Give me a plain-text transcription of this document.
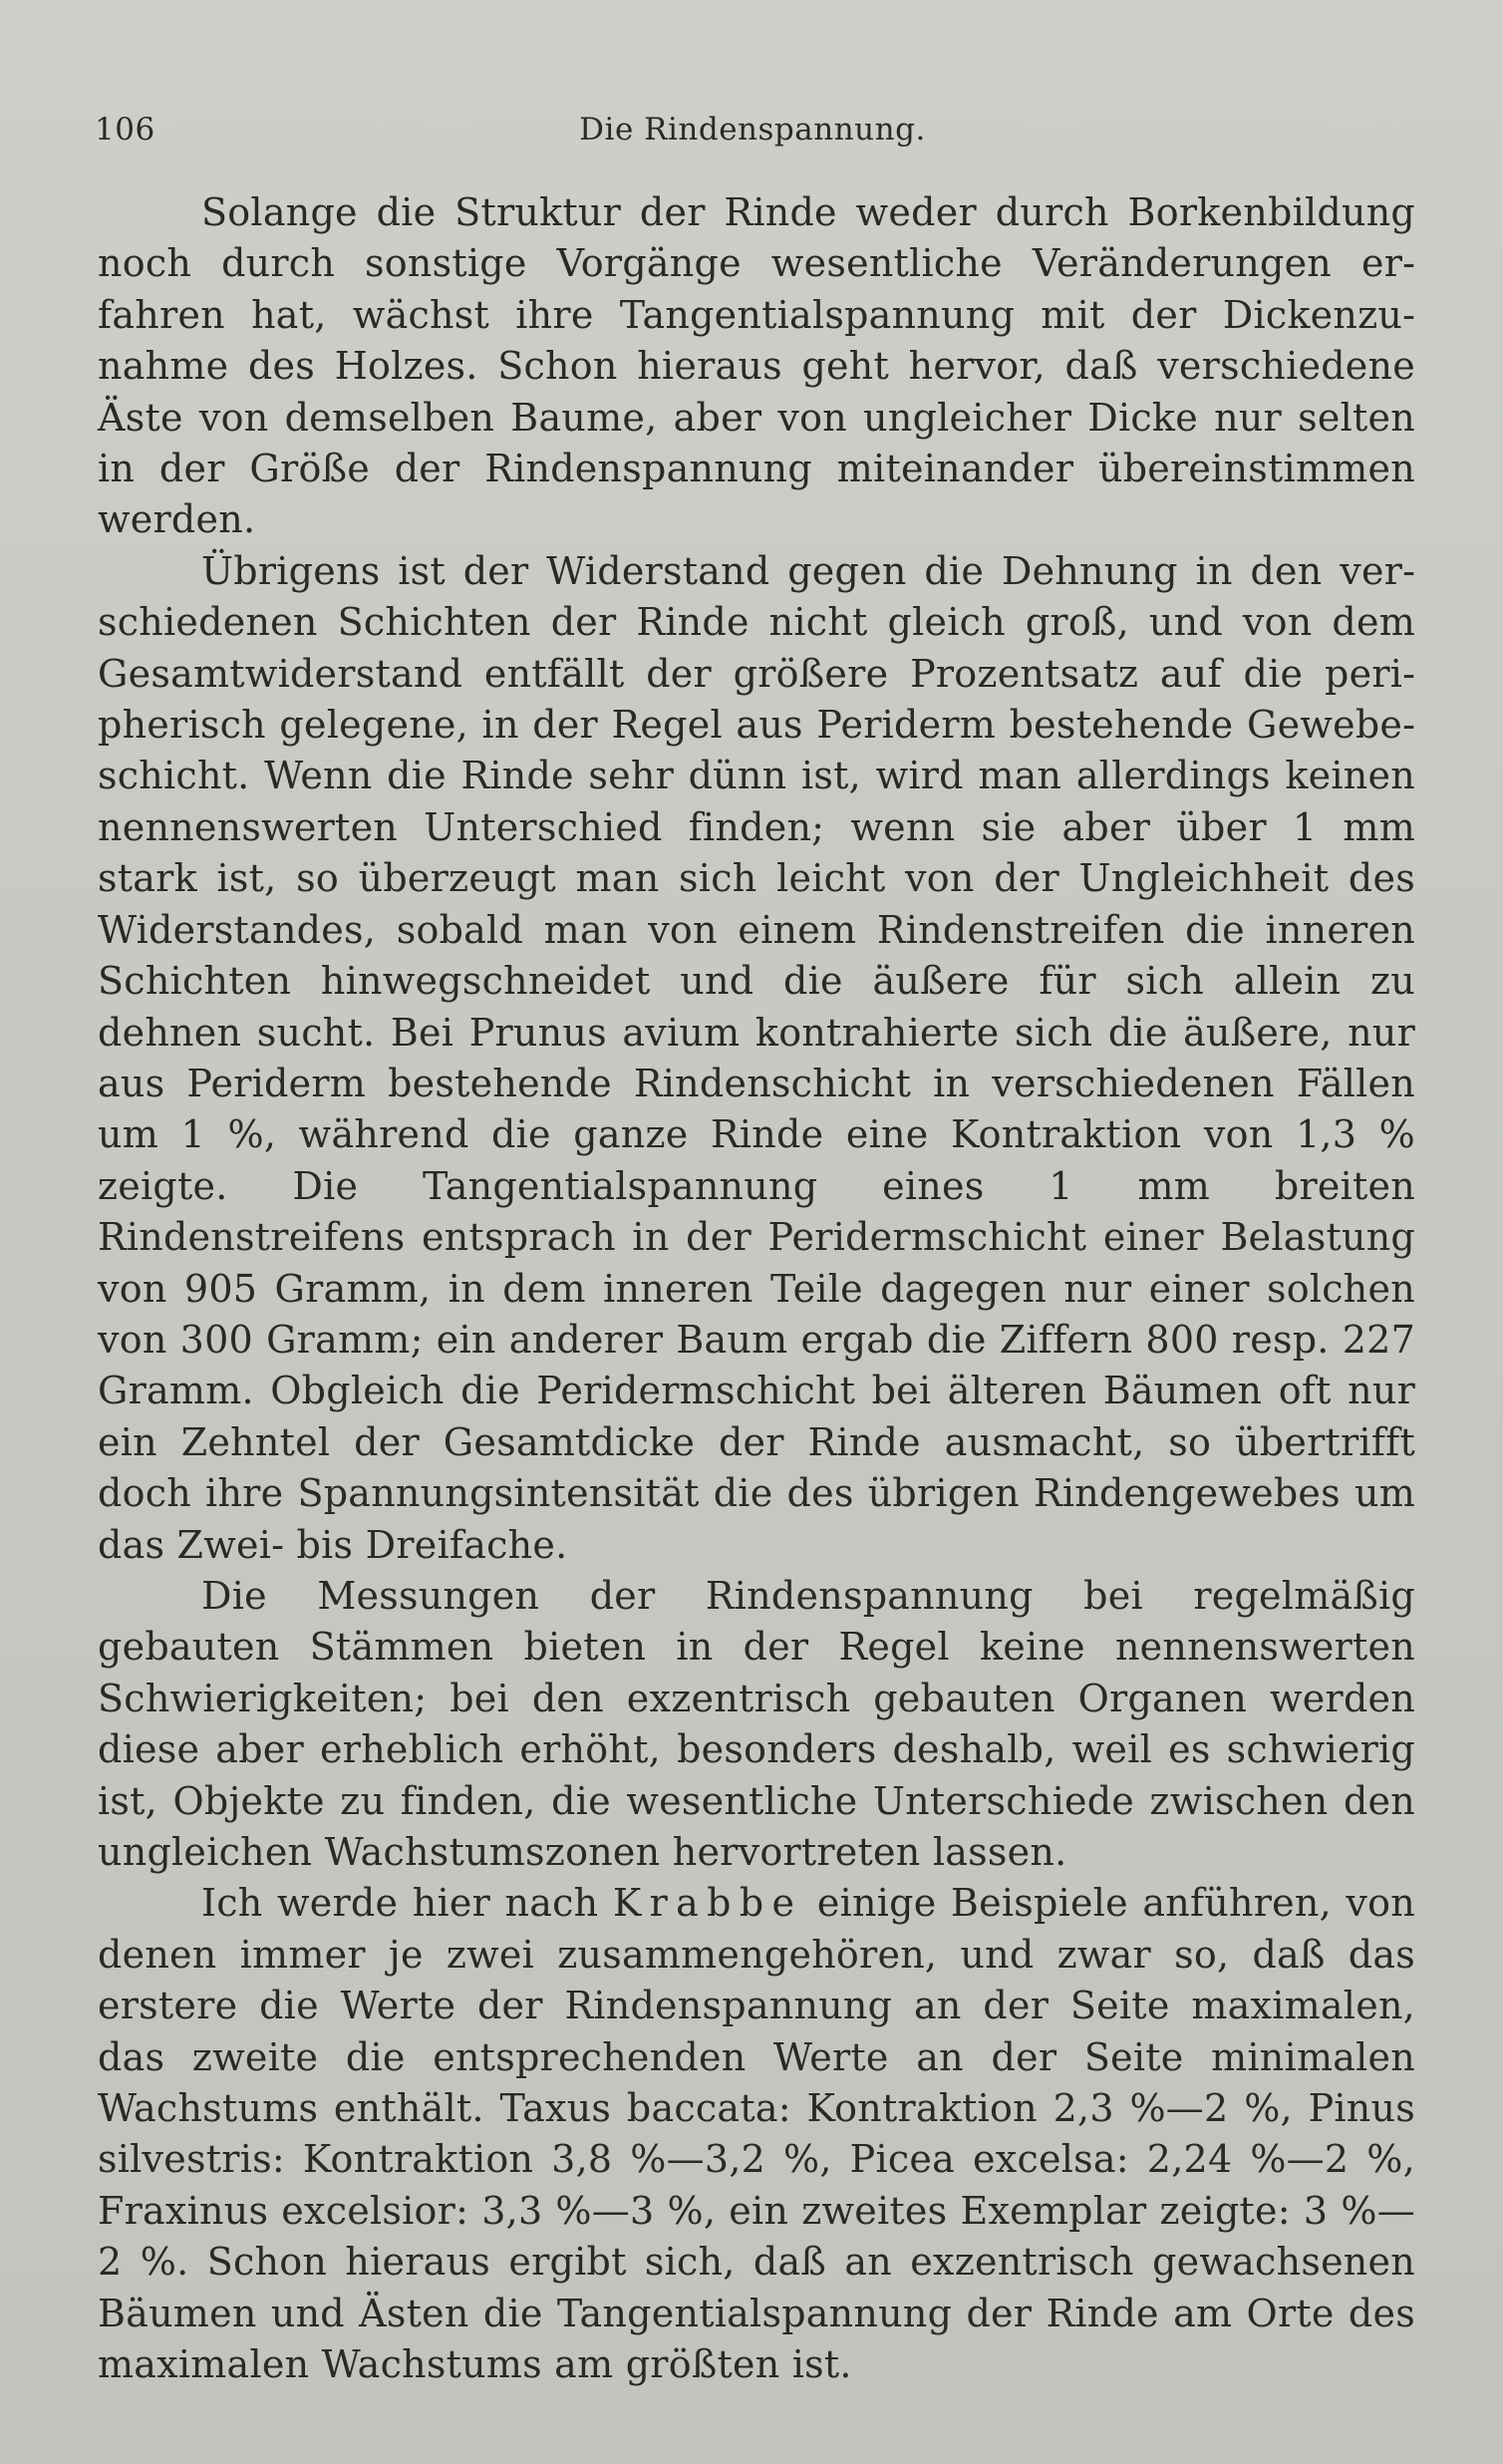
106	Die Rindenspannung.

Solange die Struktur der Rinde weder durch Borkenbildung noch durch sonstige Vorgänge wesentliche Veränderungen erfahren hat, wächst ihre Tangentialspannung mit der Dickenzunahme des Holzes. Schon hieraus geht hervor, daß verschiedene Äste von demselben Baume, aber von ungleicher Dicke nur selten in der Größe der Rindenspannung miteinander übereinstimmen werden.

Übrigens ist der Widerstand gegen die Dehnung in den verschiedenen Schichten der Rinde nicht gleich groß, und von dem Gesamtwiderstand entfällt der größere Prozentsatz auf die peripherisch gelegene, in der Regel aus Periderm bestehende Gewebeschicht. Wenn die Rinde sehr dünn ist, wird man allerdings keinen nennenswerten Unterschied finden; wenn sie aber über 1 mm stark ist, so überzeugt man sich leicht von der Ungleichheit des Widerstandes, sobald man von einem Rindenstreifen die inneren Schichten hinwegschneidet und die äußere für sich allein zu dehnen sucht. Bei Prunus avium kontrahierte sich die äußere, nur aus Periderm bestehende Rindenschicht in verschiedenen Fällen um 1 %, während die ganze Rinde eine Kontraktion von 1,3 % zeigte. Die Tangentialspannung eines 1 mm breiten Rindenstreifens entsprach in der Peridermschicht einer Belastung von 905 Gramm, in dem inneren Teile dagegen nur einer solchen von 300 Gramm; ein anderer Baum ergab die Ziffern 800 resp. 227 Gramm. Obgleich die Peridermschicht bei älteren Bäumen oft nur ein Zehntel der Gesamtdicke der Rinde ausmacht, so übertrifft doch ihre Spannungsintensität die des übrigen Rindengewebes um das Zwei- bis Dreifache.

Die Messungen der Rindenspannung bei regelmäßig gebauten Stämmen bieten in der Regel keine nennenswerten Schwierigkeiten; bei den exzentrisch gebauten Organen werden diese aber erheblich erhöht, besonders deshalb, weil es schwierig ist, Objekte zu finden, die wesentliche Unterschiede zwischen den ungleichen Wachstumszonen hervortreten lassen.

Ich werde hier nach Krabbe einige Beispiele anführen, von denen immer je zwei zusammengehören, und zwar so, daß das erstere die Werte der Rindenspannung an der Seite maximalen, das zweite die entsprechenden Werte an der Seite minimalen Wachstums enthält. Taxus baccata: Kontraktion 2,3 %—2 %, Pinus silvestris: Kontraktion 3,8 %—3,2 %, Picea excelsa: 2,24 %—2 %, Fraxinus excelsior: 3,3 %—3 %, ein zweites Exemplar zeigte: 3 %—2 %. Schon hieraus ergibt sich, daß an exzentrisch gewachsenen Bäumen und Ästen die Tangentialspannung der Rinde am Orte des maximalen Wachstums am größten ist.
